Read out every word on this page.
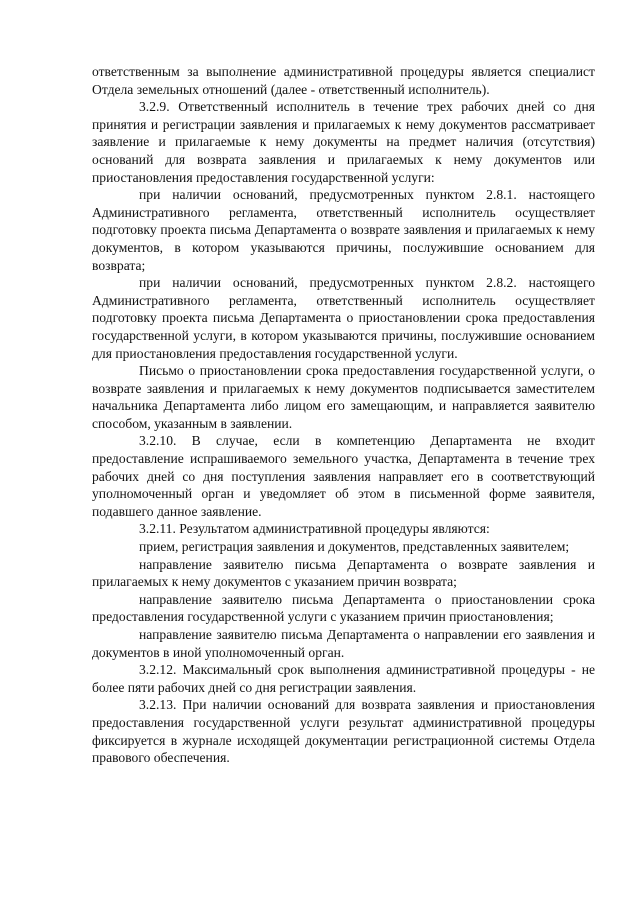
ответственным за выполнение административной процедуры является специалист Отдела земельных отношений (далее - ответственный исполнитель).

3.2.9. Ответственный исполнитель в течение трех рабочих дней со дня принятия и регистрации заявления и прилагаемых к нему документов рассматривает заявление и прилагаемые к нему документы на предмет наличия (отсутствия) оснований для возврата заявления и прилагаемых к нему документов или приостановления предоставления государственной услуги:

при наличии оснований, предусмотренных пунктом 2.8.1. настоящего Административного регламента, ответственный исполнитель осуществляет подготовку проекта письма Департамента о возврате заявления и прилагаемых к нему документов, в котором указываются причины, послужившие основанием для возврата;

при наличии оснований, предусмотренных пунктом 2.8.2. настоящего Административного регламента, ответственный исполнитель осуществляет подготовку проекта письма Департамента о приостановлении срока предоставления государственной услуги, в котором указываются причины, послужившие основанием для приостановления предоставления государственной услуги.

Письмо о приостановлении срока предоставления государственной услуги, о возврате заявления и прилагаемых к нему документов подписывается заместителем начальника Департамента либо лицом его замещающим, и направляется заявителю способом, указанным в заявлении.

3.2.10. В случае, если в компетенцию Департамента не входит предоставление испрашиваемого земельного участка, Департамента в течение трех рабочих дней со дня поступления заявления направляет его в соответствующий уполномоченный орган и уведомляет об этом в письменной форме заявителя, подавшего данное заявление.

3.2.11. Результатом административной процедуры являются:

прием, регистрация заявления и документов, представленных заявителем;

направление заявителю письма Департамента о возврате заявления и прилагаемых к нему документов с указанием причин возврата;

направление заявителю письма Департамента о приостановлении срока предоставления государственной услуги с указанием причин приостановления;

направление заявителю письма Департамента о направлении его заявления и документов в иной уполномоченный орган.

3.2.12. Максимальный срок выполнения административной процедуры - не более пяти рабочих дней со дня регистрации заявления.

3.2.13. При наличии оснований для возврата заявления и приостановления предоставления государственной услуги результат административной процедуры фиксируется в журнале исходящей документации регистрационной системы Отдела правового обеспечения.
